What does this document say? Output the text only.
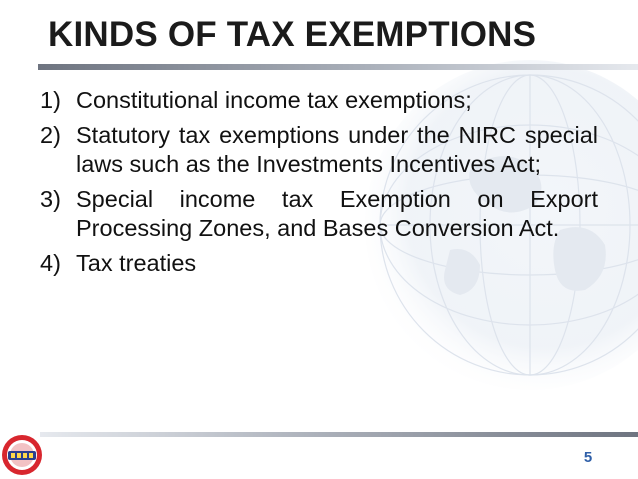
KINDS OF TAX EXEMPTIONS
1) Constitutional income tax exemptions;
2) Statutory tax exemptions under the NIRC special laws such as the Investments Incentives Act;
3) Special income tax Exemption on Export Processing Zones, and Bases Conversion Act.
4) Tax treaties
5
